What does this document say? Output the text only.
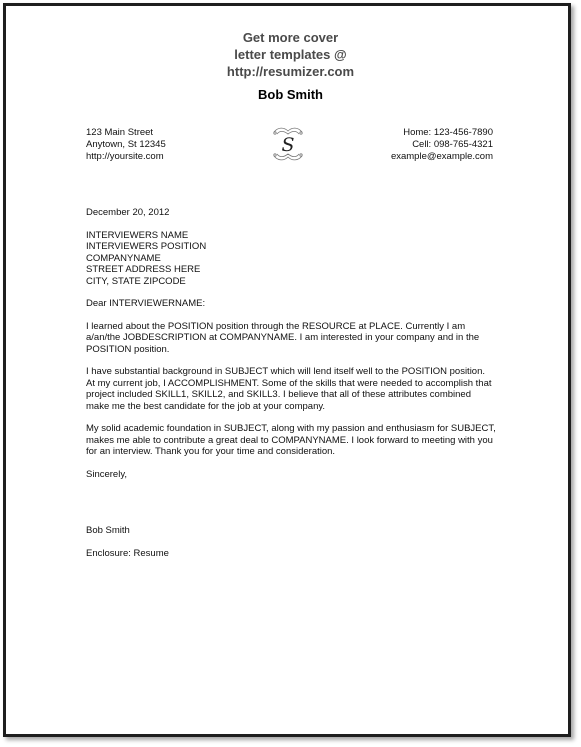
Get more cover
letter templates @
http://resumizer.com
Bob Smith
123 Main Street
Anytown, St 12345
http://yoursite.com
S
Home: 123-456-7890
Cell: 098-765-4321
example@example.com

December 20, 2012

INTERVIEWERS NAME
INTERVIEWERS POSITION
COMPANYNAME
STREET ADDRESS HERE
CITY, STATE ZIPCODE

Dear INTERVIEWERNAME:

I learned about the POSITION position through the RESOURCE at PLACE. Currently I am a/an/the JOBDESCRIPTION at COMPANYNAME. I am interested in your company and in the POSITION position.

I have substantial background in SUBJECT which will lend itself well to the POSITION position. At my current job, I ACCOMPLISHMENT. Some of the skills that were needed to accomplish that project included SKILL1, SKILL2, and SKILL3. I believe that all of these attributes combined make me the best candidate for the job at your company.

My solid academic foundation in SUBJECT, along with my passion and enthusiasm for SUBJECT, makes me able to contribute a great deal to COMPANYNAME. I look forward to meeting with you for an interview. Thank you for your time and consideration.

Sincerely,

Bob Smith

Enclosure: Resume
